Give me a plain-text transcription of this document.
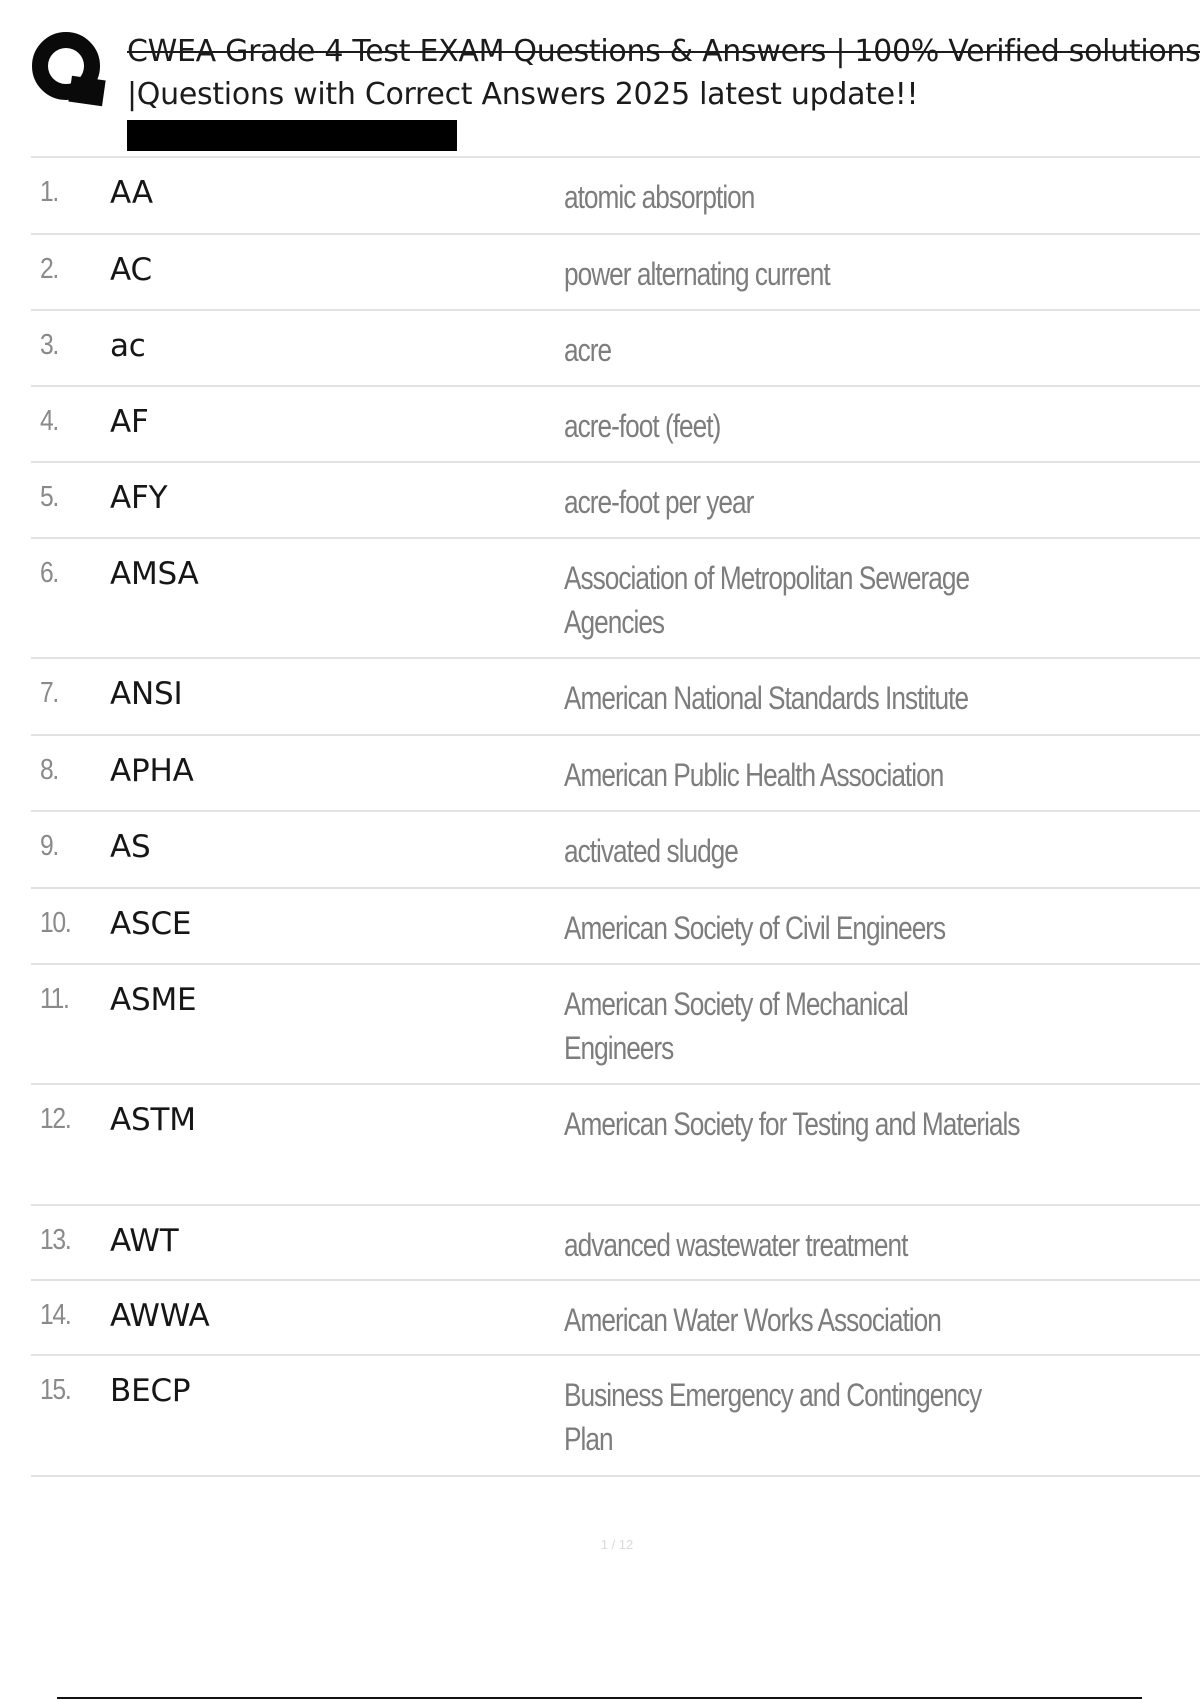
CWEA Grade 4 Test EXAM Questions & Answers | 100% Verified solutions
|Questions with Correct Answers 2025 latest update!!
1. AA	atomic absorption
2. AC	power alternating current
3. ac	acre
4. AF	acre-foot (feet)
5. AFY	acre-foot per year
6. AMSA	Association of Metropolitan Sewerage Agencies
7. ANSI	American National Standards Institute
8. APHA	American Public Health Association
9. AS	activated sludge
10. ASCE	American Society of Civil Engineers
11. ASME	American Society of Mechanical Engineers
12. ASTM	American Society for Testing and Materials
13. AWT	advanced wastewater treatment
14. AWWA	American Water Works Association
15. BECP	Business Emergency and Contingency Plan
1 / 12
